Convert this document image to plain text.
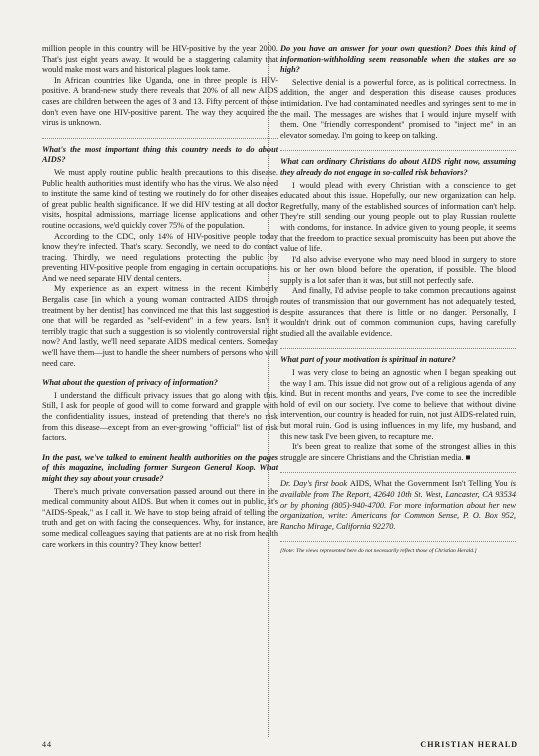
million people in this country will be HIV-positive by the year 2000. That's just eight years away. It would be a staggering calamity that would make most wars and historical plagues look tame.

In African countries like Uganda, one in three people is HIV-positive. A brand-new study there reveals that 20% of all new AIDS cases are children between the ages of 3 and 13. Fifty percent of those don't even have one HIV-positive parent. The way they acquired the virus is unknown.

What's the most important thing this country needs to do about AIDS?

We must apply routine public health precautions to this disease. Public health authorities must identify who has the virus. We also need to institute the same kind of testing we routinely do for other diseases of great public health significance. If we did HIV testing at all doctor visits, hospital admissions, marriage license applications and other routine occasions, we'd quickly cover 75% of the population.

According to the CDC, only 14% of HIV-positive people today know they're infected. That's scary. Secondly, we need to do contact tracing. Thirdly, we need regulations protecting the public by preventing HIV-positive people from engaging in certain occupations. And we need separate HIV dental centers.

My experience as an expert witness in the recent Kimberly Bergalis case [in which a young woman contracted AIDS through treatment by her dentist] has convinced me that this last suggestion is one that will be regarded as "self-evident" in a few years. Isn't it terribly tragic that such a suggestion is so violently controversial right now? And lastly, we'll need separate AIDS medical centers. Someday we'll have them—just to handle the sheer numbers of persons who will need care.

What about the question of privacy of information?

I understand the difficult privacy issues that go along with this. Still, I ask for people of good will to come forward and grapple with the confidentiality issues, instead of pretending that there's no risk from this disease—except from an ever-growing "official" list of risk factors.

In the past, we've talked to eminent health authorities on the pages of this magazine, including former Surgeon General Koop. What might they say about your crusade?

There's much private conversation passed around out there in the medical community about AIDS. But when it comes out in public, it's "AIDS-Speak," as I call it. We have to stop being afraid of telling the truth and get on with facing the consequences. Why, for instance, are some medical colleagues saying that patients are at no risk from health care workers in this country? They know better!

Do you have an answer for your own question? Does this kind of information-withholding seem reasonable when the stakes are so high?

Selective denial is a powerful force, as is political correctness. In addition, the anger and desperation this disease causes produces intimidation. I've had contaminated needles and syringes sent to me in the mail. The messages are wishes that I would injure myself with them. One "friendly correspondent" promised to "inject me" in an elevator someday. I'm going to keep on talking.

What can ordinary Christians do about AIDS right now, assuming they already do not engage in so-called risk behaviors?

I would plead with every Christian with a conscience to get educated about this issue. Hopefully, our new organization can help. Regretfully, many of the established sources of information can't help. They're still sending our young people out to play Russian roulette with condoms, for instance. In advice given to young people, it seems that the freedom to practice sexual promiscuity has been put above the value of life.

I'd also advise everyone who may need blood in surgery to store his or her own blood before the operation, if possible. The blood supply is a lot safer than it was, but still not perfectly safe.

And finally, I'd advise people to take common precautions against routes of transmission that our government has not adequately tested, despite assurances that there is little or no danger. Personally, I wouldn't drink out of common communion cups, having carefully studied all the available evidence.

What part of your motivation is spiritual in nature?

I was very close to being an agnostic when I began speaking out the way I am. This issue did not grow out of a religious agenda of any kind. But in recent months and years, I've come to see the incredible hold of evil on our society. I've come to believe that without divine intervention, our country is headed for ruin, not just AIDS-related ruin, but moral ruin. God is using influences in my life, my husband, and this new task I've been given, to recapture me.

It's been great to realize that some of the strongest allies in this struggle are sincere Christians and the Christian media. ■

Dr. Day's first book AIDS, What the Government Isn't Telling You is available from The Report, 42640 10th St. West, Lancaster, CA 93534 or by phoning (805)-940-4700. For more information about her new organization, write: Americans for Common Sense, P. O. Box 952, Rancho Mirage, California 92270.

[Note: The views represented here do not necessarily reflect those of Christian Herald.]

44	CHRISTIAN HERALD
